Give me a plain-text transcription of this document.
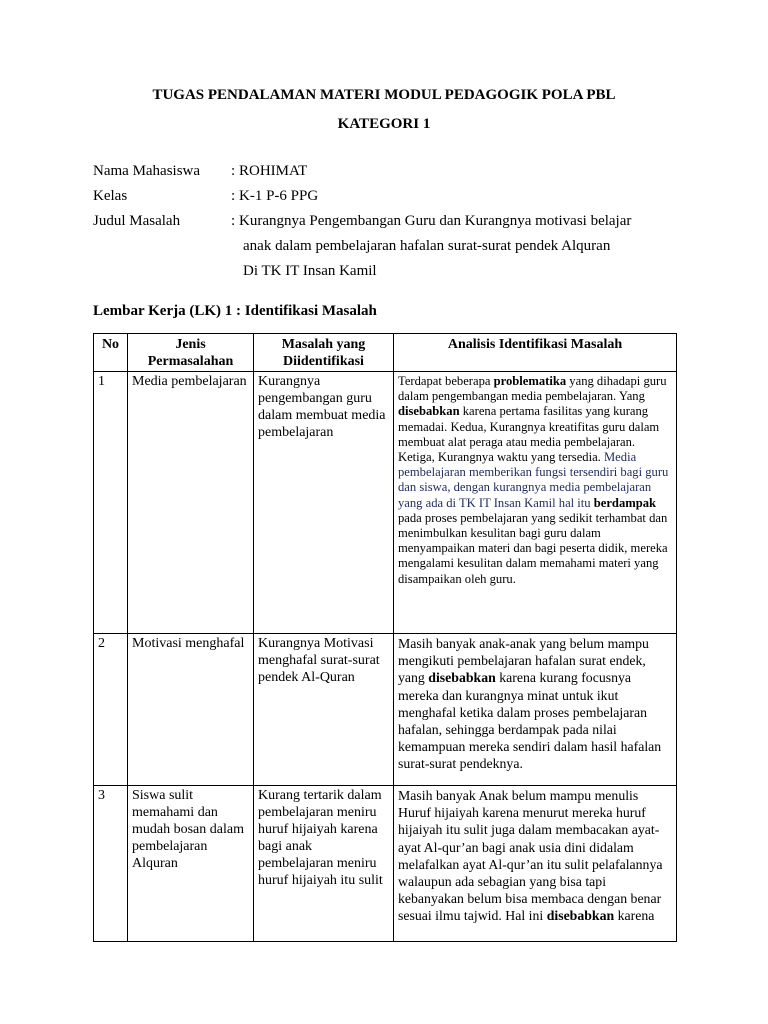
TUGAS PENDALAMAN MATERI MODUL PEDAGOGIK POLA PBL
KATEGORI 1
Nama Mahasiswa : ROHIMAT
Kelas	: K-1 P-6 PPG
Judul Masalah	: Kurangnya Pengembangan Guru dan Kurangnya motivasi belajar
anak dalam pembelajaran hafalan surat-surat pendek Alquran
Di TK IT Insan Kamil
Lembar Kerja (LK) 1 : Identifikasi Masalah
No	Jenis Permasalahan	Masalah yang Diidentifikasi	Analisis Identifikasi Masalah
1	Media pembelajaran	Kurangnya pengembangan guru dalam membuat media pembelajaran	Terdapat beberapa problematika yang dihadapi guru dalam pengembangan media pembelajaran. Yang disebabkan karena pertama fasilitas yang kurang memadai. Kedua, Kurangnya kreatifitas guru dalam membuat alat peraga atau media pembelajaran. Ketiga, Kurangnya waktu yang tersedia. Media pembelajaran memberikan fungsi tersendiri bagi guru dan siswa, dengan kurangnya media pembelajaran yang ada di TK IT Insan Kamil hal itu berdampak pada proses pembelajaran yang sedikit terhambat dan menimbulkan kesulitan bagi guru dalam menyampaikan materi dan bagi peserta didik, mereka mengalami kesulitan dalam memahami materi yang disampaikan oleh guru.
2	Motivasi menghafal	Kurangnya Motivasi menghafal surat-surat pendek Al-Quran	Masih banyak anak-anak yang belum mampu mengikuti pembelajaran hafalan surat endek, yang disebabkan karena kurang focusnya mereka dan kurangnya minat untuk ikut menghafal ketika dalam proses pembelajaran hafalan, sehingga berdampak pada nilai kemampuan mereka sendiri dalam hasil hafalan surat-surat pendeknya.
3	Siswa sulit memahami dan mudah bosan dalam pembelajaran Alquran	Kurang tertarik dalam pembelajaran meniru huruf hijaiyah karena bagi anak pembelajaran meniru huruf hijaiyah itu sulit	Masih banyak Anak belum mampu menulis Huruf hijaiyah karena menurut mereka huruf hijaiyah itu sulit juga dalam membacakan ayat-ayat Al-qur’an bagi anak usia dini didalam melafalkan ayat Al-qur’an itu sulit pelafalannya walaupun ada sebagian yang bisa tapi kebanyakan belum bisa membaca dengan benar sesuai ilmu tajwid. Hal ini disebabkan karena
